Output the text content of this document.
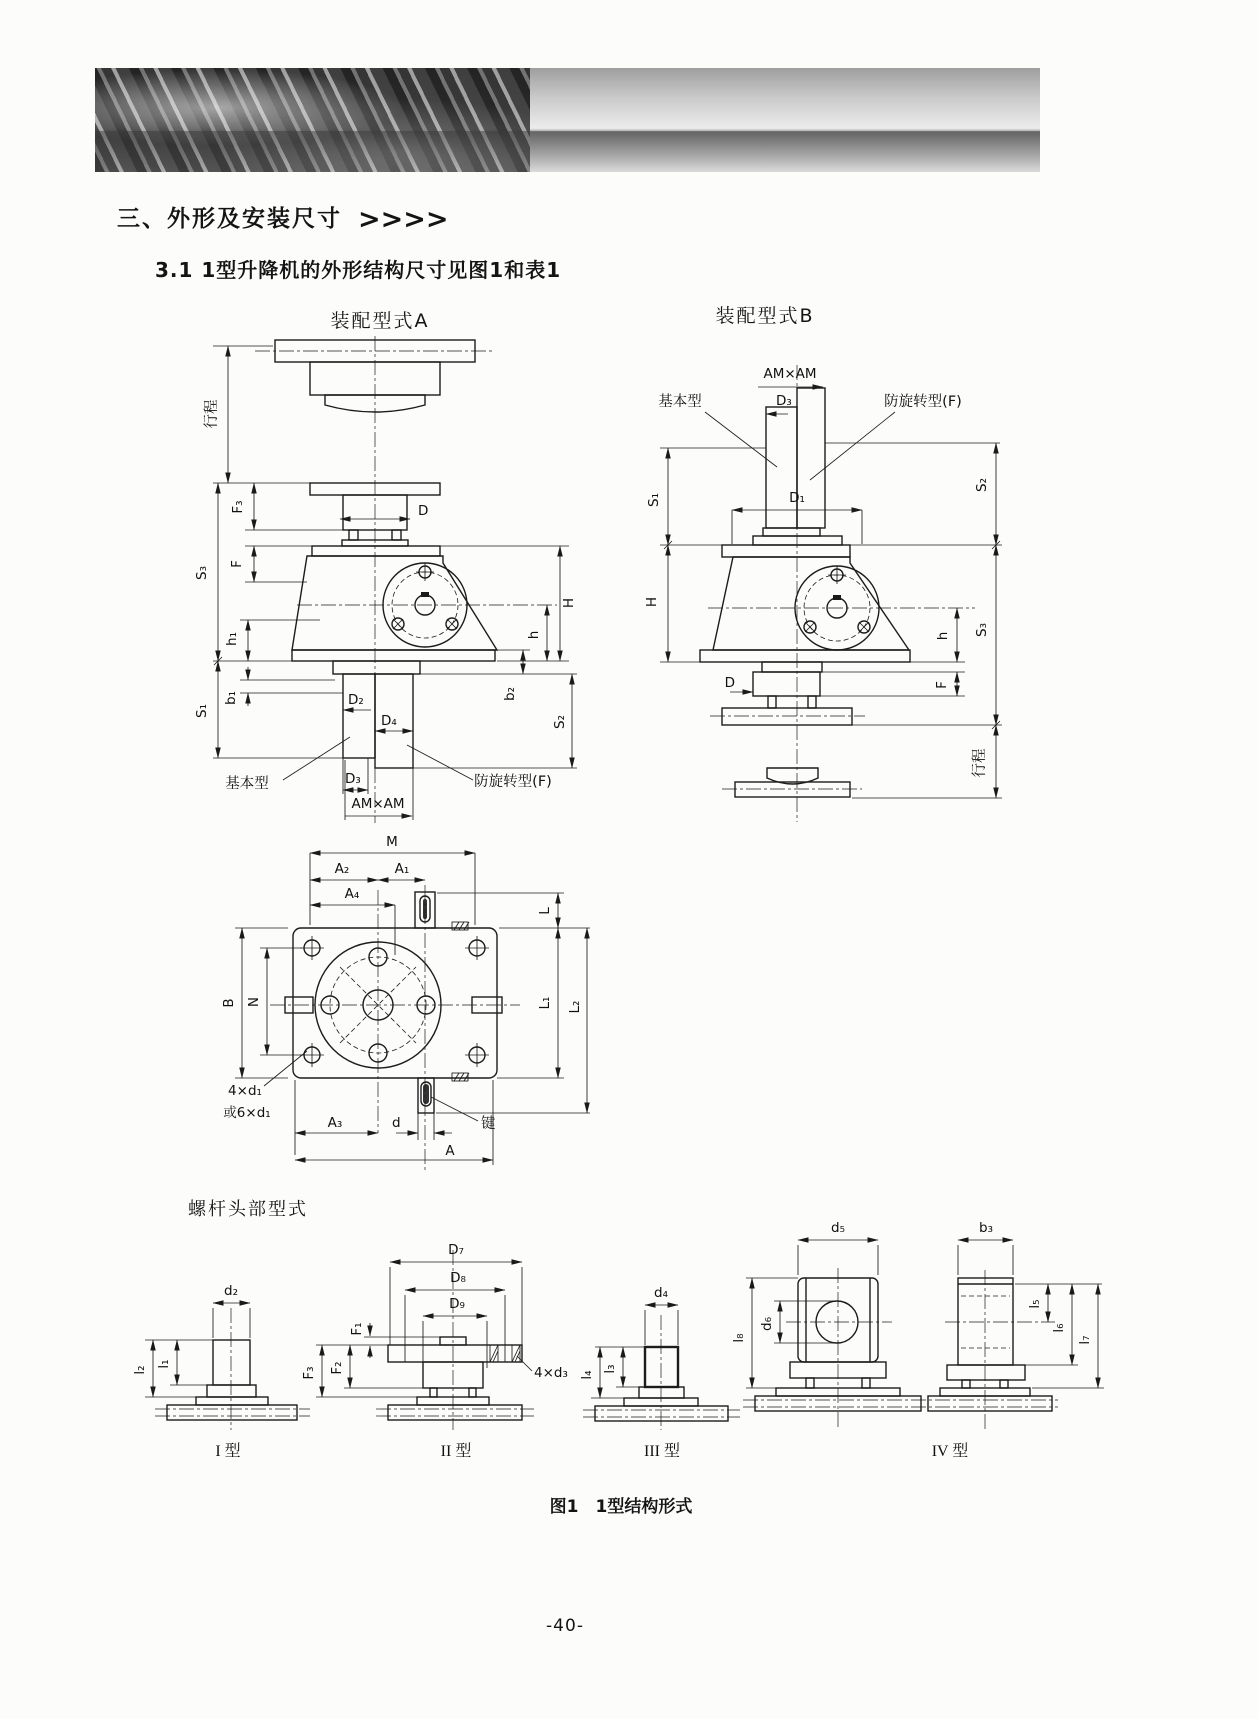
三、外形及安装尺寸 >>>>
3.1 1型升降机的外形结构尺寸见图1和表1
装配型式A	装配型式B
螺杆头部型式
图1　1型结构形式
-40-
行程
F₃
S₃
F
h₁
b₁
S₁
D
H
h
b₂
S₂
D₂
D₄
基本型	D₃	防旋转型(F)
AM×AM
AM×AM
基本型	D₃	防旋转型(F)
S₁
H
D₁
S₂
S₃
行程
h
F
D
M
A₂	A₁
A₄
L
L₁ L₂
B N
4×d₁
或6×d₁
A₃	d	键
A
d₂
l₂
l₁
I 型
D₇
D₈
D₉
F₁
F₂
F₃	4×d₃
II 型
d₄
l₄
l₃
III 型
d₅
d₆
l₈
b₃
l₅
l₆
l₇
IV 型
